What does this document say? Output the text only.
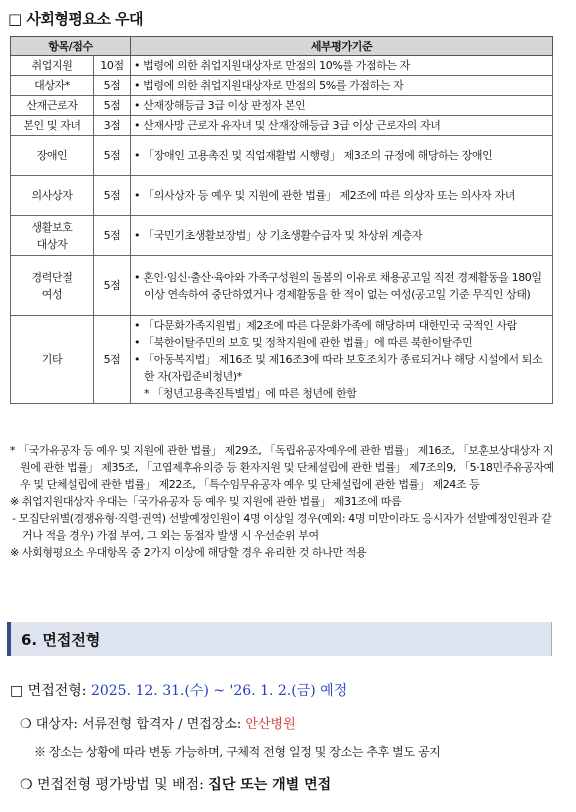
□ 사회형평요소 우대
항목/점수		세부평가기준
취업지원	10점	• 법령에 의한 취업지원대상자로 만점의 10%를 가점하는 자
대상자*	5점	• 법령에 의한 취업지원대상자로 만점의 5%를 가점하는 자
산재근로자	5점	• 산재장해등급 3급 이상 판정자 본인
본인 및 자녀	3점	• 산재사망 근로자 유자녀 및 산재장해등급 3급 이상 근로자의 자녀
장애인	5점	• 「장애인 고용촉진 및 직업재활법 시행령」 제3조의 규정에 해당하는 장애인

의사상자	5점	• 「의사상자 등 예우 및 지원에 관한 법률」 제2조에 따른 의상자 또는 의사자 자녀

생활보호
대상자	5점	• 「국민기초생활보장법」상 기초생활수급자 및 차상위 계층자

경력단절
여성	5점	• 혼인·임신·출산·육아와 가족구성원의 돌봄의 이유로 채용공고일 직전 경제활동을 180일 이상 연속하여 중단하였거나 경제활동을 한 적이 없는 여성(공고일 기준 무직인 상태)

기타	5점	• 「다문화가족지원법」제2조에 따른 다문화가족에 해당하며 대한민국 국적인 사람
• 「북한이탈주민의 보호 및 정착지원에 관한 법률」에 따른 북한이탈주민
• 「아동복지법」 제16조 및 제16조3에 따라 보호조치가 종료되거나 해당 시설에서 퇴소한 자(자립준비청년)*
* 「청년고용촉진특별법」에 따른 청년에 한함

* 「국가유공자 등 예우 및 지원에 관한 법률」 제29조, 「독립유공자예우에 관한 법률」 제16조, 「보훈보상대상자 지원에 관한 법률」 제35조, 「고엽제후유의증 등 환자지원 및 단체설립에 관한 법률」 제7조의9, 「5·18민주유공자예우 및 단체설립에 관한 법률」 제22조, 「특수임무유공자 예우 및 단체설립에 관한 법률」 제24조 등

※ 취업지원대상자 우대는「국가유공자 등 예우 및 지원에 관한 법률」 제31조에 따름

- 모집단위별(경쟁유형·직렬·권역) 선발예정인원이 4명 이상일 경우(예외: 4명 미만이라도 응시자가 선발예정인원과 같거나 적을 경우) 가점 부여, 그 외는 동점자 발생 시 우선순위 부여

※ 사회형평요소 우대항목 중 2가지 이상에 해당할 경우 유리한 것 하나만 적용

6. 면접전형
□ 면접전형: 2025. 12. 31.(수) ~ '26. 1. 2.(금) 예정
❍ 대상자: 서류전형 합격자 / 면접장소: 안산병원
※ 장소는 상황에 따라 변동 가능하며, 구체적 전형 일정 및 장소는 추후 별도 공지
❍ 면접전형 평가방법 및 배점: 집단 또는 개별 면접
